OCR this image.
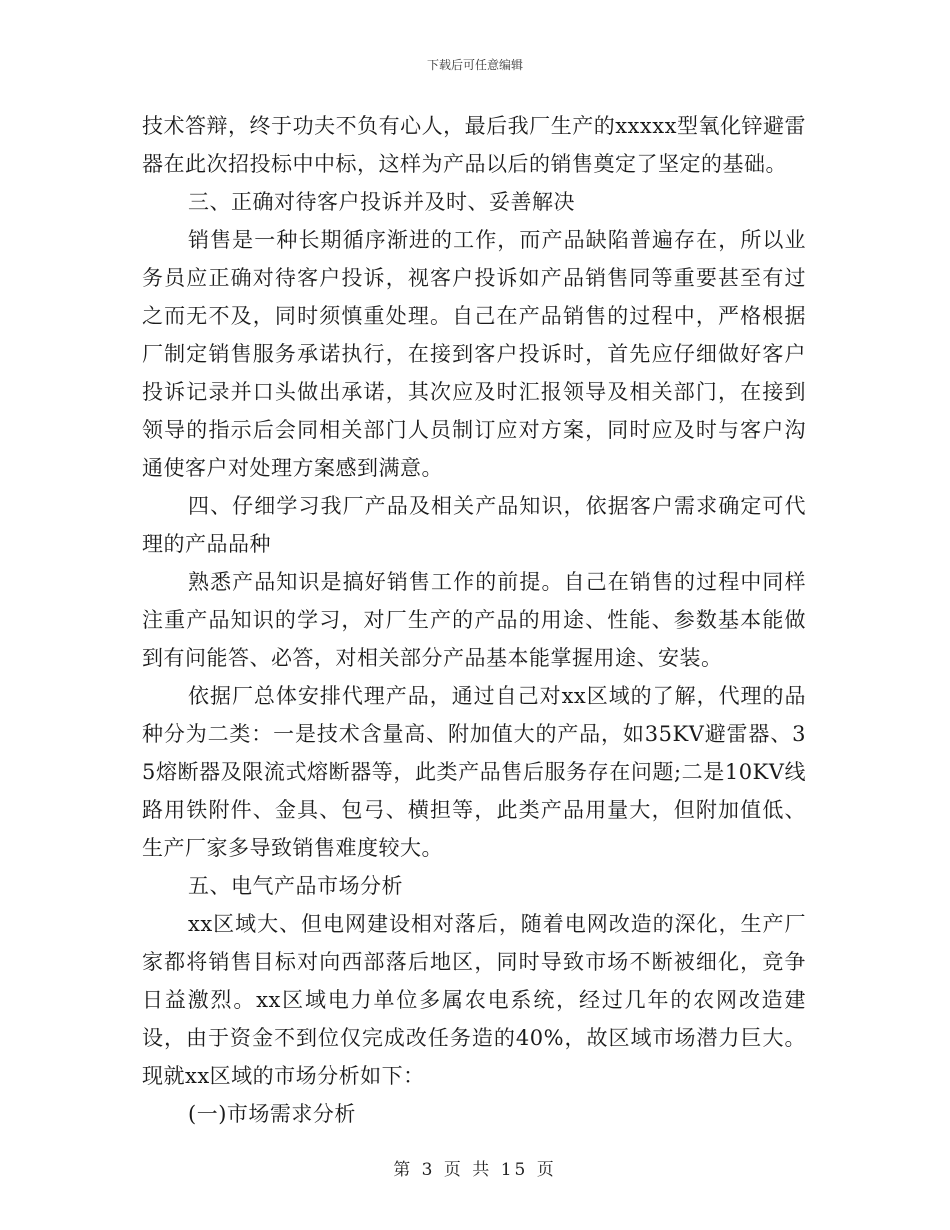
下载后可任意编辑

技术答辩，终于功夫不负有心人，最后我厂生产的xxxxx型氧化锌避雷器在此次招投标中中标，这样为产品以后的销售奠定了坚定的基础。

三、正确对待客户投诉并及时、妥善解决

销售是一种长期循序渐进的工作，而产品缺陷普遍存在，所以业务员应正确对待客户投诉，视客户投诉如产品销售同等重要甚至有过之而无不及，同时须慎重处理。自己在产品销售的过程中，严格根据厂制定销售服务承诺执行，在接到客户投诉时，首先应仔细做好客户投诉记录并口头做出承诺，其次应及时汇报领导及相关部门，在接到领导的指示后会同相关部门人员制订应对方案，同时应及时与客户沟通使客户对处理方案感到满意。

四、仔细学习我厂产品及相关产品知识，依据客户需求确定可代理的产品品种

熟悉产品知识是搞好销售工作的前提。自己在销售的过程中同样注重产品知识的学习，对厂生产的产品的用途、性能、参数基本能做到有问能答、必答，对相关部分产品基本能掌握用途、安装。

依据厂总体安排代理产品，通过自己对xx区域的了解，代理的品种分为二类：一是技术含量高、附加值大的产品，如35KV避雷器、35熔断器及限流式熔断器等，此类产品售后服务存在问题;二是10KV线路用铁附件、金具、包弓、横担等，此类产品用量大，但附加值低、生产厂家多导致销售难度较大。

五、电气产品市场分析

xx区域大、但电网建设相对落后，随着电网改造的深化，生产厂家都将销售目标对向西部落后地区，同时导致市场不断被细化，竞争日益激烈。xx区域电力单位多属农电系统，经过几年的农网改造建设，由于资金不到位仅完成改任务造的40%，故区域市场潜力巨大。现就xx区域的市场分析如下：

(一)市场需求分析

第 3 页 共 15 页
